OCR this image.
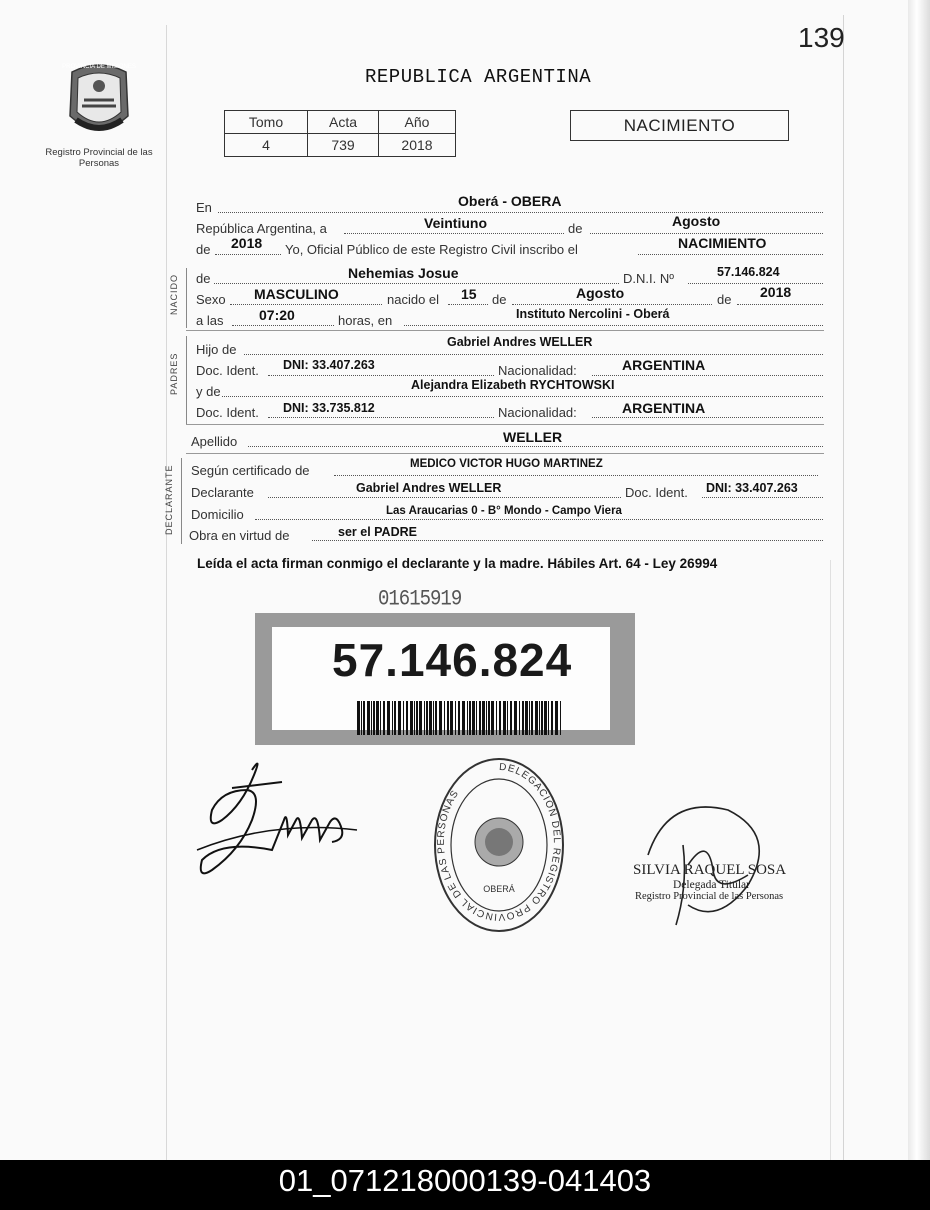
139
PROVINCIA DE MISIONES
Registro Provincial de las Personas
REPUBLICA ARGENTINA
Tomo	Acta	Año
4	739	2018
NACIMIENTO
En	Oberá - OBERA
República Argentina, a	Veintiuno	de	Agosto
de 2018 Yo, Oficial Público de este Registro Civil inscribo el	NACIMIENTO
NACIDO de	Nehemias Josue	D.N.I. Nº	57.146.824
Sexo MASCULINO	nacido el 15 de	Agosto	de 2018
a las	07:20	horas, en	Instituto Nercolini - Oberá
PADRES
Hijo de	Gabriel Andres WELLER
Doc. Ident. DNI: 33.407.263	Nacionalidad:	ARGENTINA
y de	Alejandra Elizabeth RYCHTOWSKI
Doc. Ident. DNI: 33.735.812	Nacionalidad:	ARGENTINA
Apellido	WELLER
DECLARANTE Según certificado de	MEDICO VICTOR HUGO MARTINEZ
Declarante	Gabriel Andres WELLER	Doc. Ident. DNI: 33.407.263
Domicilio	Las Araucarias 0 - B° Mondo - Campo Viera
Obra en virtud de	ser el PADRE
Leída el acta firman conmigo el declarante y la madre. Hábiles Art. 64 - Ley 26994
01615919
57.146.824
DELEGACION DEL REGISTRO PROVINCIAL DE LAS PERSONAS
OBERÁ
SILVIA RAQUEL SOSA
Delegada Titular
Registro Provincial de las Personas
01_071218000139-041403
